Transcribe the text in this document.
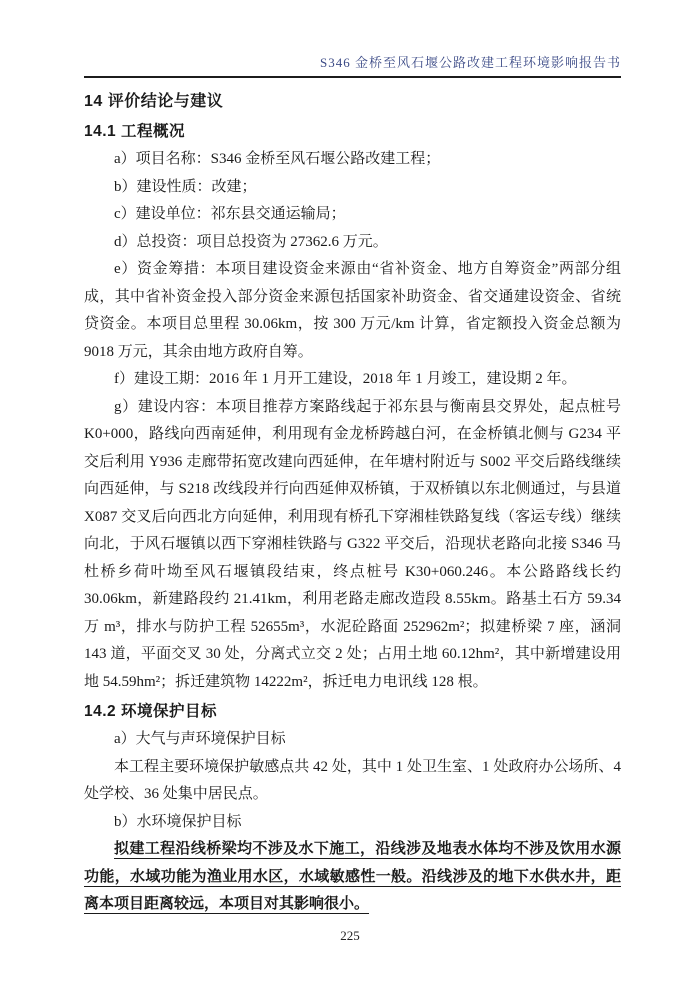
S346 金桥至风石堰公路改建工程环境影响报告书
14 评价结论与建议
14.1 工程概况
a）项目名称：S346 金桥至风石堰公路改建工程；
b）建设性质：改建；
c）建设单位：祁东县交通运输局；
d）总投资：项目总投资为 27362.6 万元。
e）资金筹措：本项目建设资金来源由“省补资金、地方自筹资金”两部分组成，其中省补资金投入部分资金来源包括国家补助资金、省交通建设资金、省统贷资金。本项目总里程 30.06km，按 300 万元/km 计算，省定额投入资金总额为 9018 万元，其余由地方政府自筹。
f）建设工期：2016 年 1 月开工建设，2018 年 1 月竣工，建设期 2 年。
g）建设内容：本项目推荐方案路线起于祁东县与衡南县交界处，起点桩号 K0+000，路线向西南延伸，利用现有金龙桥跨越白河，在金桥镇北侧与 G234 平交后利用 Y936 走廊带拓宽改建向西延伸，在年塘村附近与 S002 平交后路线继续向西延伸，与 S218 改线段并行向西延伸双桥镇，于双桥镇以东北侧通过，与县道 X087 交叉后向西北方向延伸，利用现有桥孔下穿湘桂铁路复线（客运专线）继续向北，于风石堰镇以西下穿湘桂铁路与 G322 平交后，沿现状老路向北接 S346 马杜桥乡荷叶坳至风石堰镇段结束，终点桩号 K30+060.246。本公路路线长约 30.06km，新建路段约 21.41km，利用老路走廊改造段 8.55km。路基土石方 59.34 万 m³，排水与防护工程 52655m³，水泥砼路面 252962m²；拟建桥梁 7 座，涵洞 143 道，平面交叉 30 处，分离式立交 2 处；占用土地 60.12hm²，其中新增建设用地 54.59hm²；拆迁建筑物 14222m²，拆迁电力电讯线 128 根。
14.2 环境保护目标
a）大气与声环境保护目标
本工程主要环境保护敏感点共 42 处，其中 1 处卫生室、1 处政府办公场所、4 处学校、36 处集中居民点。
b）水环境保护目标
拟建工程沿线桥梁均不涉及水下施工，沿线涉及地表水体均不涉及饮用水源功能，水域功能为渔业用水区，水域敏感性一般。沿线涉及的地下水供水井，距离本项目距离较远，本项目对其影响很小。
225
